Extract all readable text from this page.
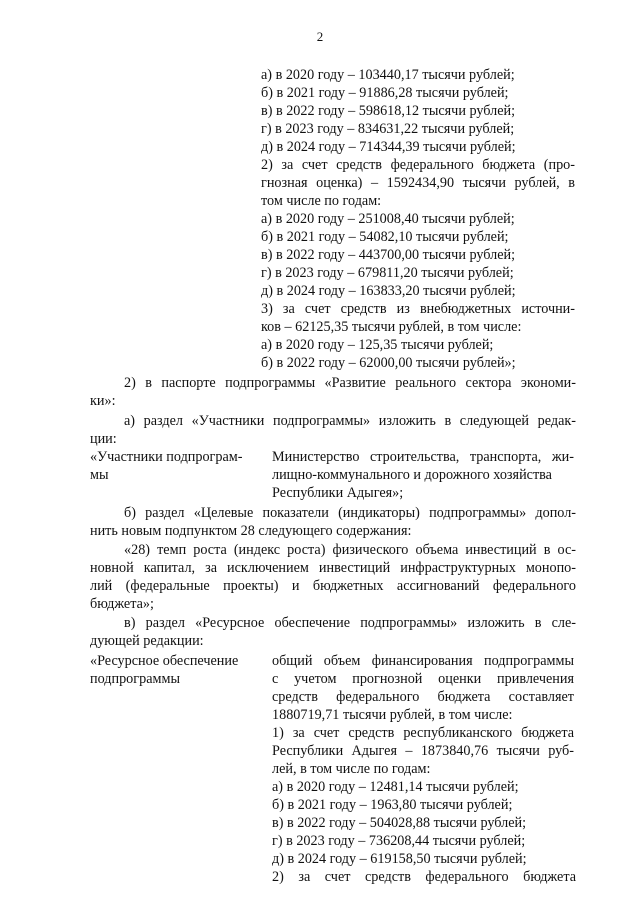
2
а) в 2020 году – 103440,17 тысячи рублей;
б) в 2021 году – 91886,28 тысячи рублей;
в) в 2022 году – 598618,12 тысячи рублей;
г) в 2023 году – 834631,22 тысячи рублей;
д) в 2024 году – 714344,39 тысячи рублей;
2) за счет средств федерального бюджета (про-
гнозная оценка) – 1592434,90 тысячи рублей, в
том числе по годам:
а) в 2020 году – 251008,40 тысячи рублей;
б) в 2021 году – 54082,10 тысячи рублей;
в) в 2022 году – 443700,00 тысячи рублей;
г) в 2023 году – 679811,20 тысячи рублей;
д) в 2024 году – 163833,20 тысячи рублей;
3) за счет средств из внебюджетных источни-
ков – 62125,35 тысячи рублей, в том числе:
а) в 2020 году – 125,35 тысячи рублей;
б) в 2022 году – 62000,00 тысячи рублей»;
2) в паспорте подпрограммы «Развитие реального сектора экономи-
ки»:
а) раздел «Участники подпрограммы» изложить в следующей редак-
ции:
«Участники подпрограм-
мы
Министерство строительства, транспорта, жи-
лищно-коммунального и дорожного хозяйства
Республики Адыгея»;
б) раздел «Целевые показатели (индикаторы) подпрограммы» допол-
нить новым подпунктом 28 следующего содержания:
«28) темп роста (индекс роста) физического объема инвестиций в ос-
новной капитал, за исключением инвестиций инфраструктурных монопо-
лий (федеральные проекты) и бюджетных ассигнований федерального
бюджета»;
в) раздел «Ресурсное обеспечение подпрограммы» изложить в сле-
дующей редакции:
«Ресурсное обеспечение
подпрограммы
общий объем финансирования подпрограммы
с учетом прогнозной оценки привлечения
средств федерального бюджета составляет
1880719,71 тысячи рублей, в том числе:
1) за счет средств республиканского бюджета
Республики Адыгея – 1873840,76 тысячи руб-
лей, в том числе по годам:
а) в 2020 году – 12481,14 тысячи рублей;
б) в 2021 году – 1963,80 тысячи рублей;
в) в 2022 году – 504028,88 тысячи рублей;
г) в 2023 году – 736208,44 тысячи рублей;
д) в 2024 году – 619158,50 тысячи рублей;
2) за счет средств федерального бюджета
